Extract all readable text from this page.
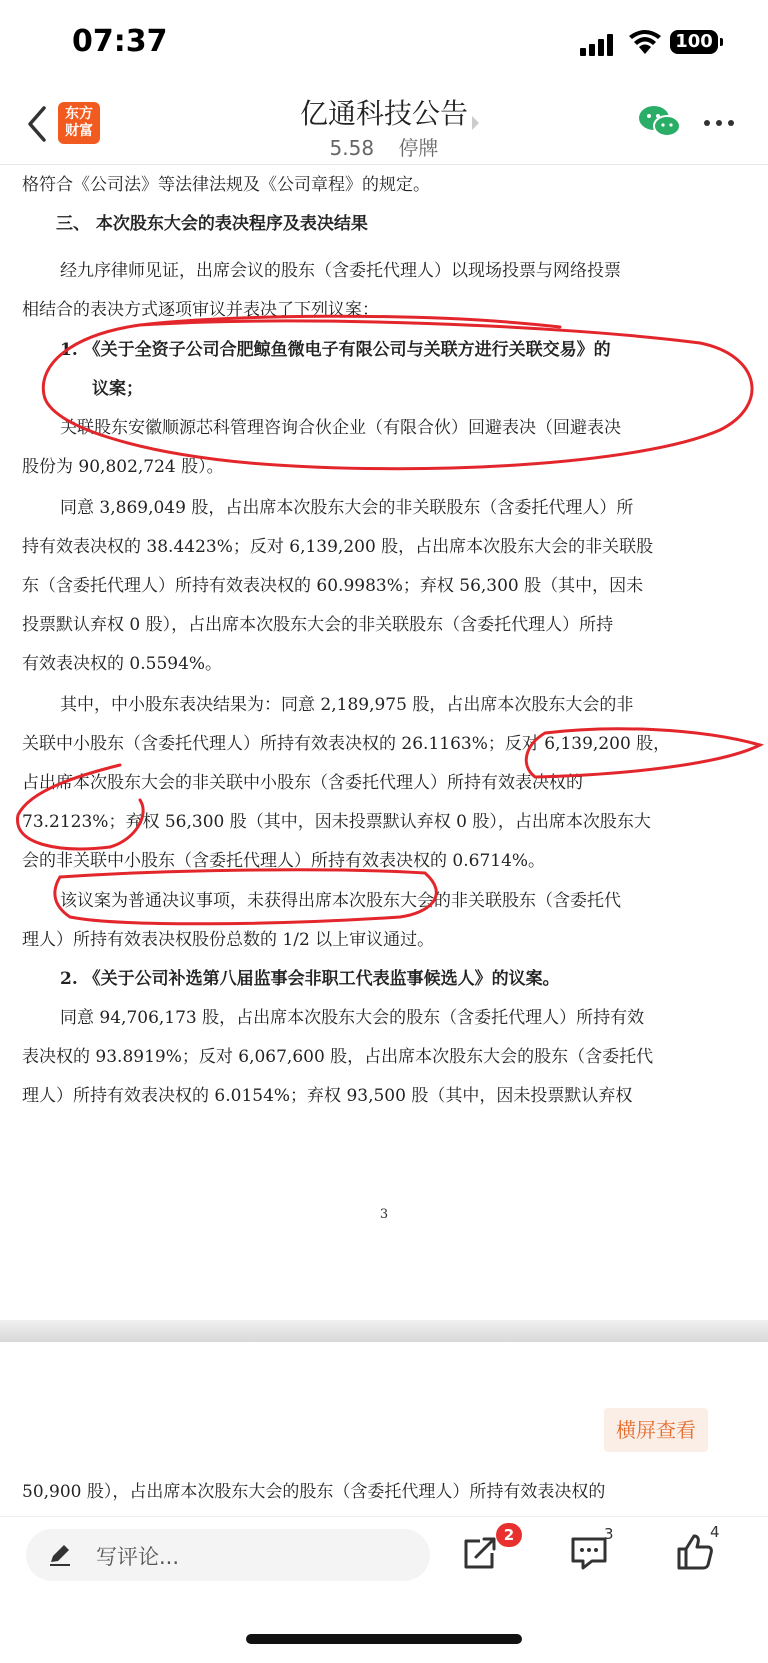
07:37	100
东方
财富
亿通科技公告
5.58 停牌

格符合《公司法》等法律法规及《公司章程》的规定。

三、 本次股东大会的表决程序及表决结果

经九序律师见证，出席会议的股东（含委托代理人）以现场投票与网络投票

相结合的表决方式逐项审议并表决了下列议案：

1. 《关于全资子公司合肥鲸鱼微电子有限公司与关联方进行关联交易》的

议案；

关联股东安徽顺源芯科管理咨询合伙企业（有限合伙）回避表决（回避表决

股份为 90,802,724 股）。

同意 3,869,049 股，占出席本次股东大会的非关联股东（含委托代理人）所

持有效表决权的 38.4423%；反对 6,139,200 股，占出席本次股东大会的非关联股

东（含委托代理人）所持有效表决权的 60.9983%；弃权 56,300 股（其中，因未

投票默认弃权 0 股），占出席本次股东大会的非关联股东（含委托代理人）所持

有效表决权的 0.5594%。

其中，中小股东表决结果为：同意 2,189,975 股，占出席本次股东大会的非

关联中小股东（含委托代理人）所持有效表决权的 26.1163%；反对 6,139,200 股，

占出席本次股东大会的非关联中小股东（含委托代理人）所持有效表决权的

73.2123%；弃权 56,300 股（其中，因未投票默认弃权 0 股），占出席本次股东大

会的非关联中小股东（含委托代理人）所持有效表决权的 0.6714%。

该议案为普通决议事项，未获得出席本次股东大会的非关联股东（含委托代

理人）所持有效表决权股份总数的 1/2 以上审议通过。

2. 《关于公司补选第八届监事会非职工代表监事候选人》的议案。

同意 94,706,173 股，占出席本次股东大会的股东（含委托代理人）所持有效

表决权的 93.8919%；反对 6,067,600 股，占出席本次股东大会的股东（含委托代

理人）所持有效表决权的 6.0154%；弃权 93,500 股（其中，因未投票默认弃权

3

50,900 股），占出席本次股东大会的股东（含委托代理人）所持有效表决权的

横屏查看
写评论...
2	3	4
